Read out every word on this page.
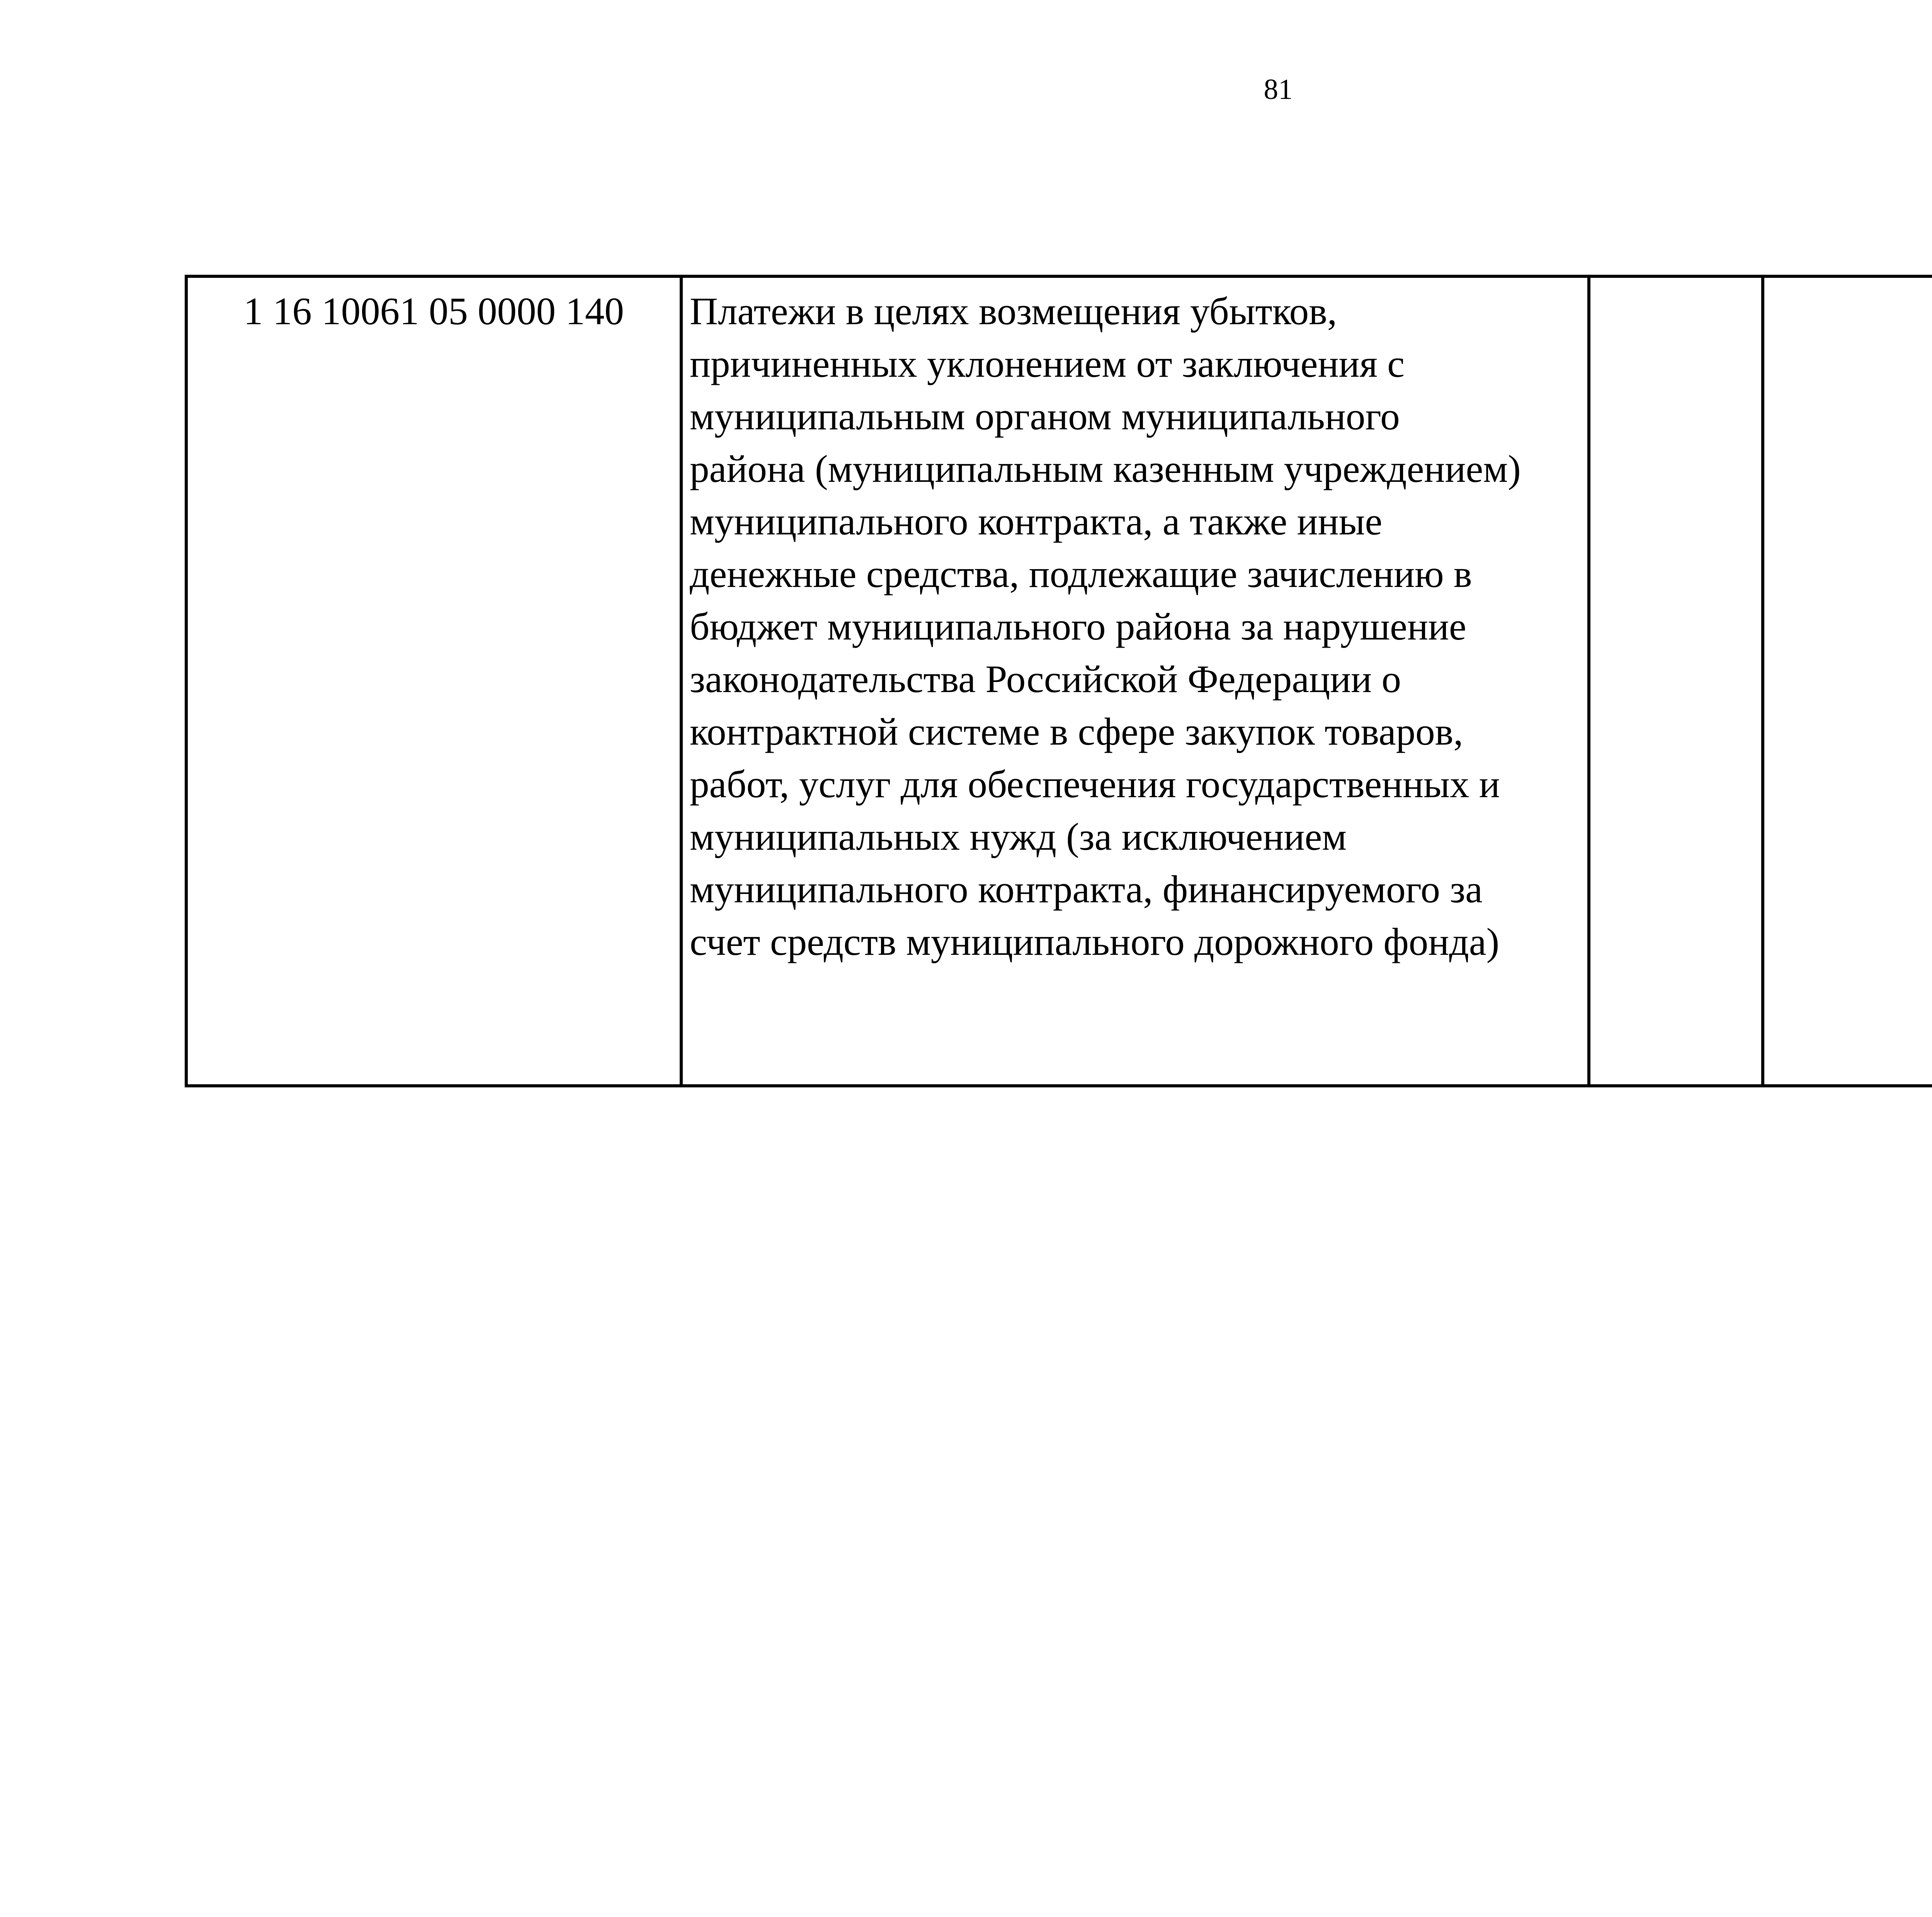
81
1 16 10061 05 0000 140	Платежи в целях возмещения убытков,
причиненных уклонением от заключения с
муниципальным органом муниципального
района (муниципальным казенным учреждением)
муниципального контракта, а также иные
денежные средства, подлежащие зачислению в
бюджет муниципального района за нарушение
законодательства Российской Федерации о
контрактной системе в сфере закупок товаров,
работ, услуг для обеспечения государственных и
муниципальных нужд (за исключением
муниципального контракта, финансируемого за
счет средств муниципального дорожного фонда)
